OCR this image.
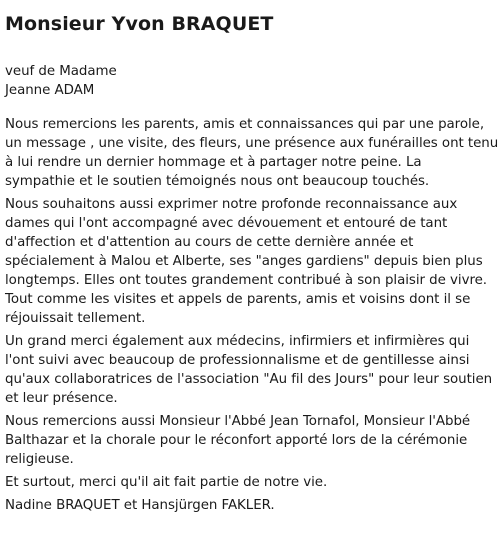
Monsieur Yvon BRAQUET
veuf de Madame
Jeanne ADAM
Nous remercions les parents, amis et connaissances qui par une parole,
un message , une visite, des fleurs, une présence aux funérailles ont tenu
à lui rendre un dernier hommage et à partager notre peine. La
sympathie et le soutien témoignés nous ont beaucoup touchés.
Nous souhaitons aussi exprimer notre profonde reconnaissance aux
dames qui l'ont accompagné avec dévouement et entouré de tant
d'affection et d'attention au cours de cette dernière année et
spécialement à Malou et Alberte, ses "anges gardiens" depuis bien plus
longtemps. Elles ont toutes grandement contribué à son plaisir de vivre.
Tout comme les visites et appels de parents, amis et voisins dont il se
réjouissait tellement.
Un grand merci également aux médecins, infirmiers et infirmières qui
l'ont suivi avec beaucoup de professionnalisme et de gentillesse ainsi
qu'aux collaboratrices de l'association "Au fil des Jours" pour leur soutien
et leur présence.
Nous remercions aussi Monsieur l'Abbé Jean Tornafol, Monsieur l'Abbé
Balthazar et la chorale pour le réconfort apporté lors de la cérémonie
religieuse.
Et surtout, merci qu'il ait fait partie de notre vie.
Nadine BRAQUET et Hansjürgen FAKLER.
